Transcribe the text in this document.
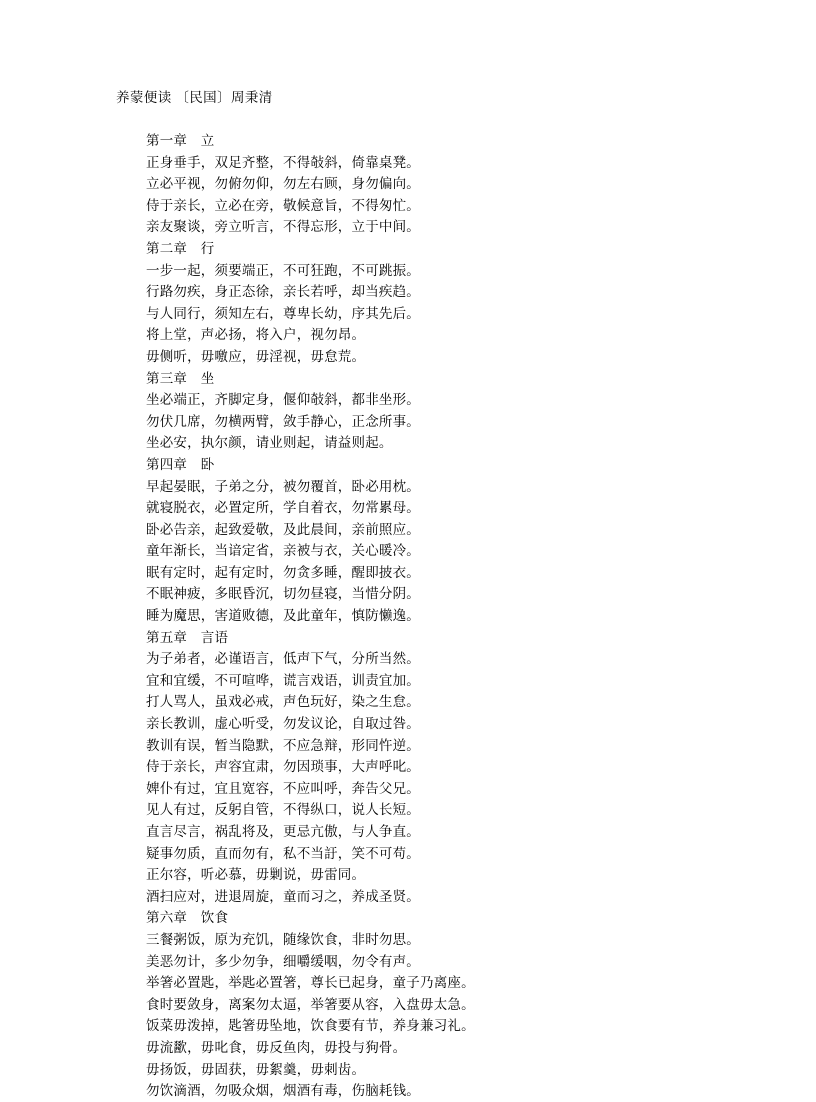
养蒙便读 〔民国〕周秉清
第一章　立
正身垂手，双足齐整，不得敧斜，倚靠桌凳。
立必平视，勿俯勿仰，勿左右顾，身勿偏向。
侍于亲长，立必在旁，敬候意旨，不得匆忙。
亲友聚谈，旁立听言，不得忘形，立于中间。
第二章　行
一步一起，须要端正，不可狂跑，不可跳振。
行路勿疾，身正态徐，亲长若呼，却当疾趋。
与人同行，须知左右，尊卑长幼，序其先后。
将上堂，声必扬，将入户，视勿昂。
毋侧听，毋噭应，毋淫视，毋怠荒。
第三章　坐
坐必端正，齐脚定身，偃仰敧斜，都非坐形。
勿伏几席，勿横两臂，敛手静心，正念所事。
坐必安，执尔颜，请业则起，请益则起。
第四章　卧
早起晏眠，子弟之分，被勿覆首，卧必用枕。
就寝脱衣，必置定所，学自着衣，勿常累母。
卧必告亲，起致爱敬，及此晨间，亲前照应。
童年渐长，当谙定省，亲被与衣，关心暖冷。
眠有定时，起有定时，勿贪多睡，醒即披衣。
不眠神疲，多眠昏沉，切勿昼寝，当惜分阴。
睡为魔思，害道败德，及此童年，慎防懒逸。
第五章　言语
为子弟者，必谨语言，低声下气，分所当然。
宜和宜缓，不可喧哗，谎言戏语，训责宜加。
打人骂人，虽戏必戒，声色玩好，染之生怠。
亲长教训，虚心听受，勿发议论，自取过咎。
教训有误，暂当隐默，不应急辩，形同忤逆。
侍于亲长，声容宜肃，勿因琐事，大声呼叱。
婢仆有过，宜且宽容，不应叫呼，奔告父兄。
见人有过，反躬自管，不得纵口，说人长短。
直言尽言，祸乱将及，更忌亢傲，与人争直。
疑事勿质，直而勿有，私不当訏，笑不可苟。
正尔容，听必慕，毋剿说，毋雷同。
酒扫应对，进退周旋，童而习之，养成圣贤。
第六章　饮食
三餐粥饭，原为充饥，随缘饮食，非时勿思。
美恶勿计，多少勿争，细嚼缓咽，勿令有声。
举箸必置匙，举匙必置箸，尊长已起身，童子乃离座。
食时要敛身，离案勿太逼，举箸要从容，入盘毋太急。
饭菜毋泼掉，匙箸毋坠地，饮食要有节，养身兼习礼。
毋流歠，毋叱食，毋反鱼肉，毋投与狗骨。
毋扬饭，毋固获，毋絮羹，毋刺齿。
勿饮滴酒，勿吸众烟，烟酒有毒，伤脑耗钱。
